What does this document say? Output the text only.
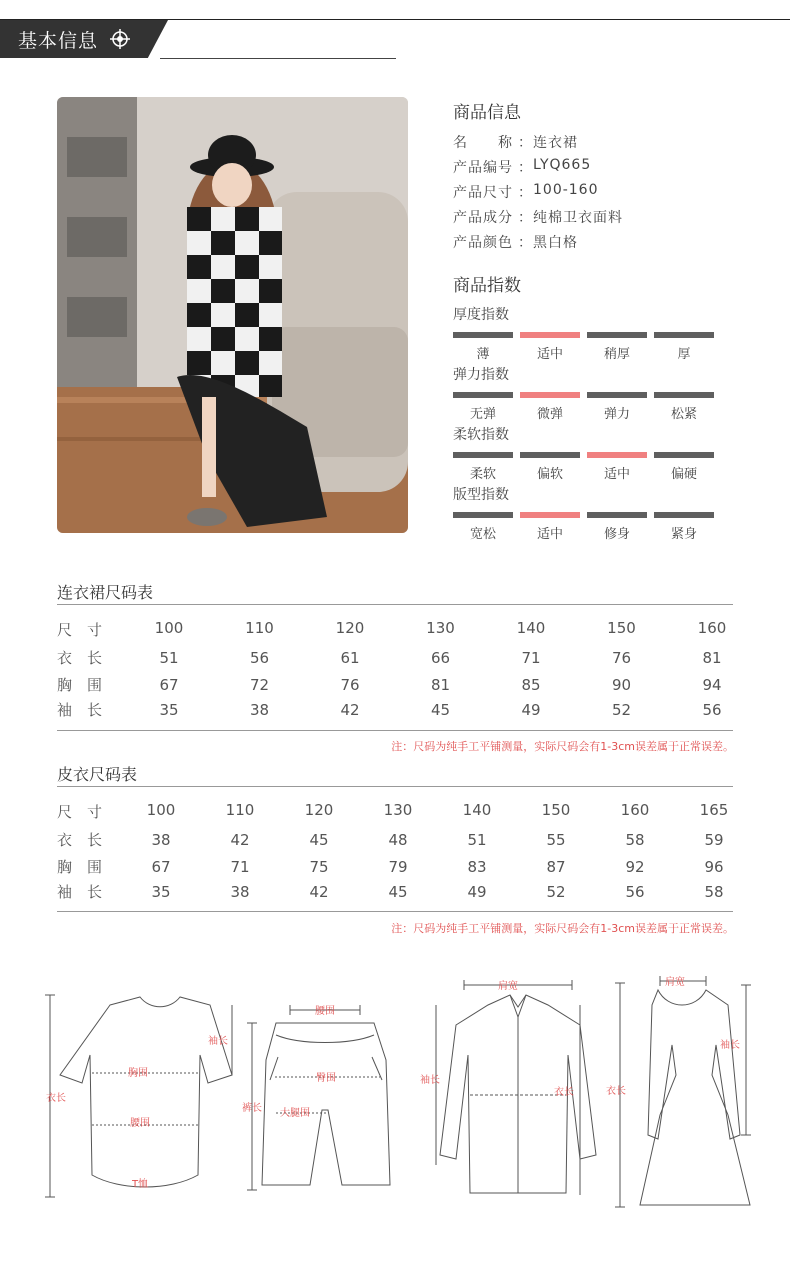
基本信息
商品信息
名　　称 ： 连衣裙
产品编号 ： LYQ665
产品尺寸 ： 100-160
产品成分 ： 纯棉卫衣面料
产品颜色 ： 黑白格
商品指数
厚度指数
薄	适中	稍厚	厚
弹力指数
无弹	微弹	弹力	松紧
柔软指数
柔软	偏软	适中	偏硬
版型指数
宽松	适中	修身	紧身
连衣裙尺码表
尺　寸	100	110	120	130	140	150	160
衣　长	51	56	61	66	71	76	81
胸　围	67	72	76	81	85	90	94
袖　长	35	38	42	45	49	52	56
注：尺码为纯手工平铺测量，实际尺码会有1-3cm误差属于正常误差。
皮衣尺码表
尺　寸	100	110	120	130	140	150	160	165
衣　长	38	42	45	48	51	55	58	59
胸　围	67	71	75	79	83	87	92	96
袖　长	35	38	42	45	49	52	56	58
注：尺码为纯手工平铺测量，实际尺码会有1-3cm误差属于正常误差。
袖长
胸围
衣长
腰围
T恤
腰围
臀围
裤长 大腿围
肩宽
袖长
衣长
肩宽
袖长
衣长
